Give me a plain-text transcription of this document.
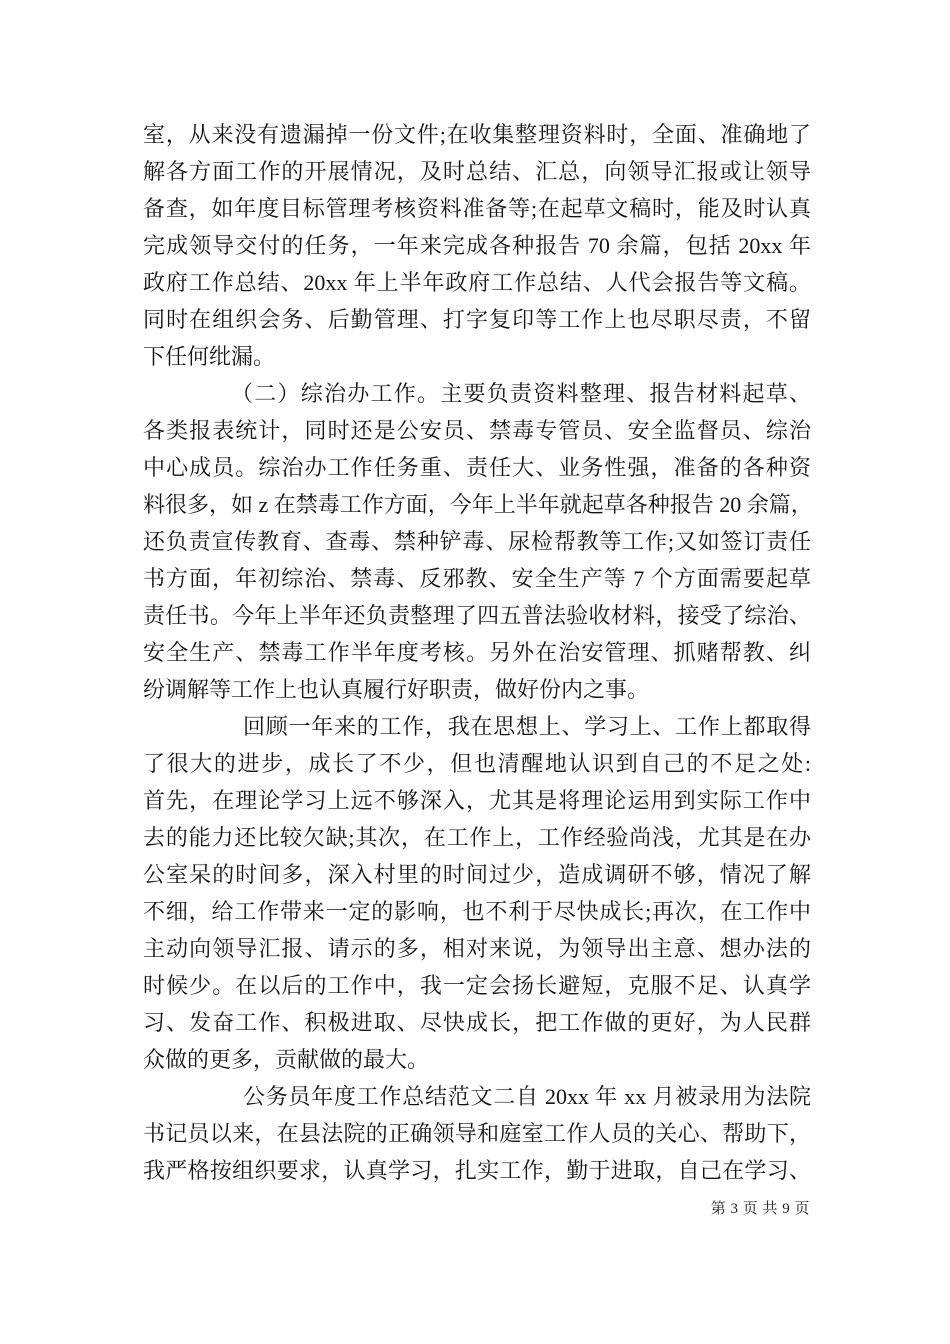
室，从来没有遗漏掉一份文件;在收集整理资料时，全面、准确地了
解各方面工作的开展情况，及时总结、汇总，向领导汇报或让领导
备查，如年度目标管理考核资料准备等;在起草文稿时，能及时认真
完成领导交付的任务，一年来完成各种报告 70 余篇，包括 20xx 年
政府工作总结、20xx 年上半年政府工作总结、人代会报告等文稿。
同时在组织会务、后勤管理、打字复印等工作上也尽职尽责，不留
下任何纰漏。
（二）综治办工作。主要负责资料整理、报告材料起草、
各类报表统计，同时还是公安员、禁毒专管员、安全监督员、综治
中心成员。综治办工作任务重、责任大、业务性强，准备的各种资
料很多，如 z 在禁毒工作方面，今年上半年就起草各种报告 20 余篇，
还负责宣传教育、查毒、禁种铲毒、尿检帮教等工作;又如签订责任
书方面，年初综治、禁毒、反邪教、安全生产等 7 个方面需要起草
责任书。今年上半年还负责整理了四五普法验收材料，接受了综治、
安全生产、禁毒工作半年度考核。另外在治安管理、抓赌帮教、纠
纷调解等工作上也认真履行好职责，做好份内之事。
回顾一年来的工作，我在思想上、学习上、工作上都取得
了很大的进步，成长了不少，但也清醒地认识到自己的不足之处:
首先，在理论学习上远不够深入，尤其是将理论运用到实际工作中
去的能力还比较欠缺;其次，在工作上，工作经验尚浅，尤其是在办
公室呆的时间多，深入村里的时间过少，造成调研不够，情况了解
不细，给工作带来一定的影响，也不利于尽快成长;再次，在工作中
主动向领导汇报、请示的多，相对来说，为领导出主意、想办法的
时候少。在以后的工作中，我一定会扬长避短，克服不足、认真学
习、发奋工作、积极进取、尽快成长，把工作做的更好，为人民群
众做的更多，贡献做的最大。
公务员年度工作总结范文二自 20xx 年 xx 月被录用为法院
书记员以来，在县法院的正确领导和庭室工作人员的关心、帮助下，
我严格按组织要求，认真学习，扎实工作，勤于进取，自己在学习、
第 3 页 共 9 页
